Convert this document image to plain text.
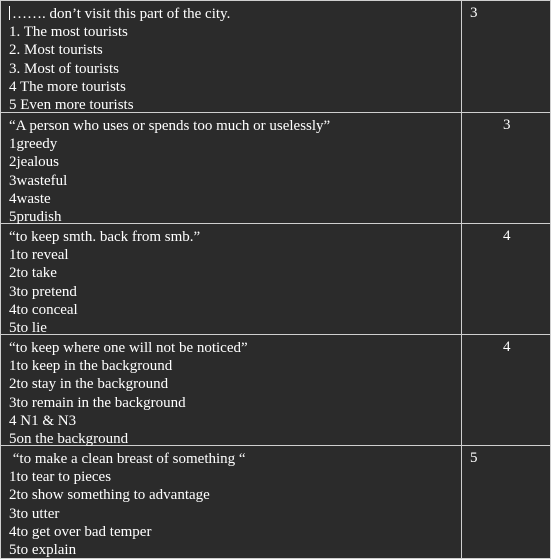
……. don’t visit this part of the city.
1. The most tourists
2. Most tourists
3. Most of tourists
4 The more tourists
5 Even more tourists
3
“A person who uses or spends too much or uselessly”
1greedy
2jealous
3wasteful
4waste
5prudish
3
“to keep smth. back from smb.”
1to reveal
2to take
3to pretend
4to conceal
5to lie
4
“to keep where one will not be noticed”
1to keep in the background
2to stay in the background
3to remain in the background
4 N1 & N3
5on the background
4
“to make a clean breast of something “
1to tear to pieces
2to show something to advantage
3to utter
4to get over bad temper
5to explain
5
